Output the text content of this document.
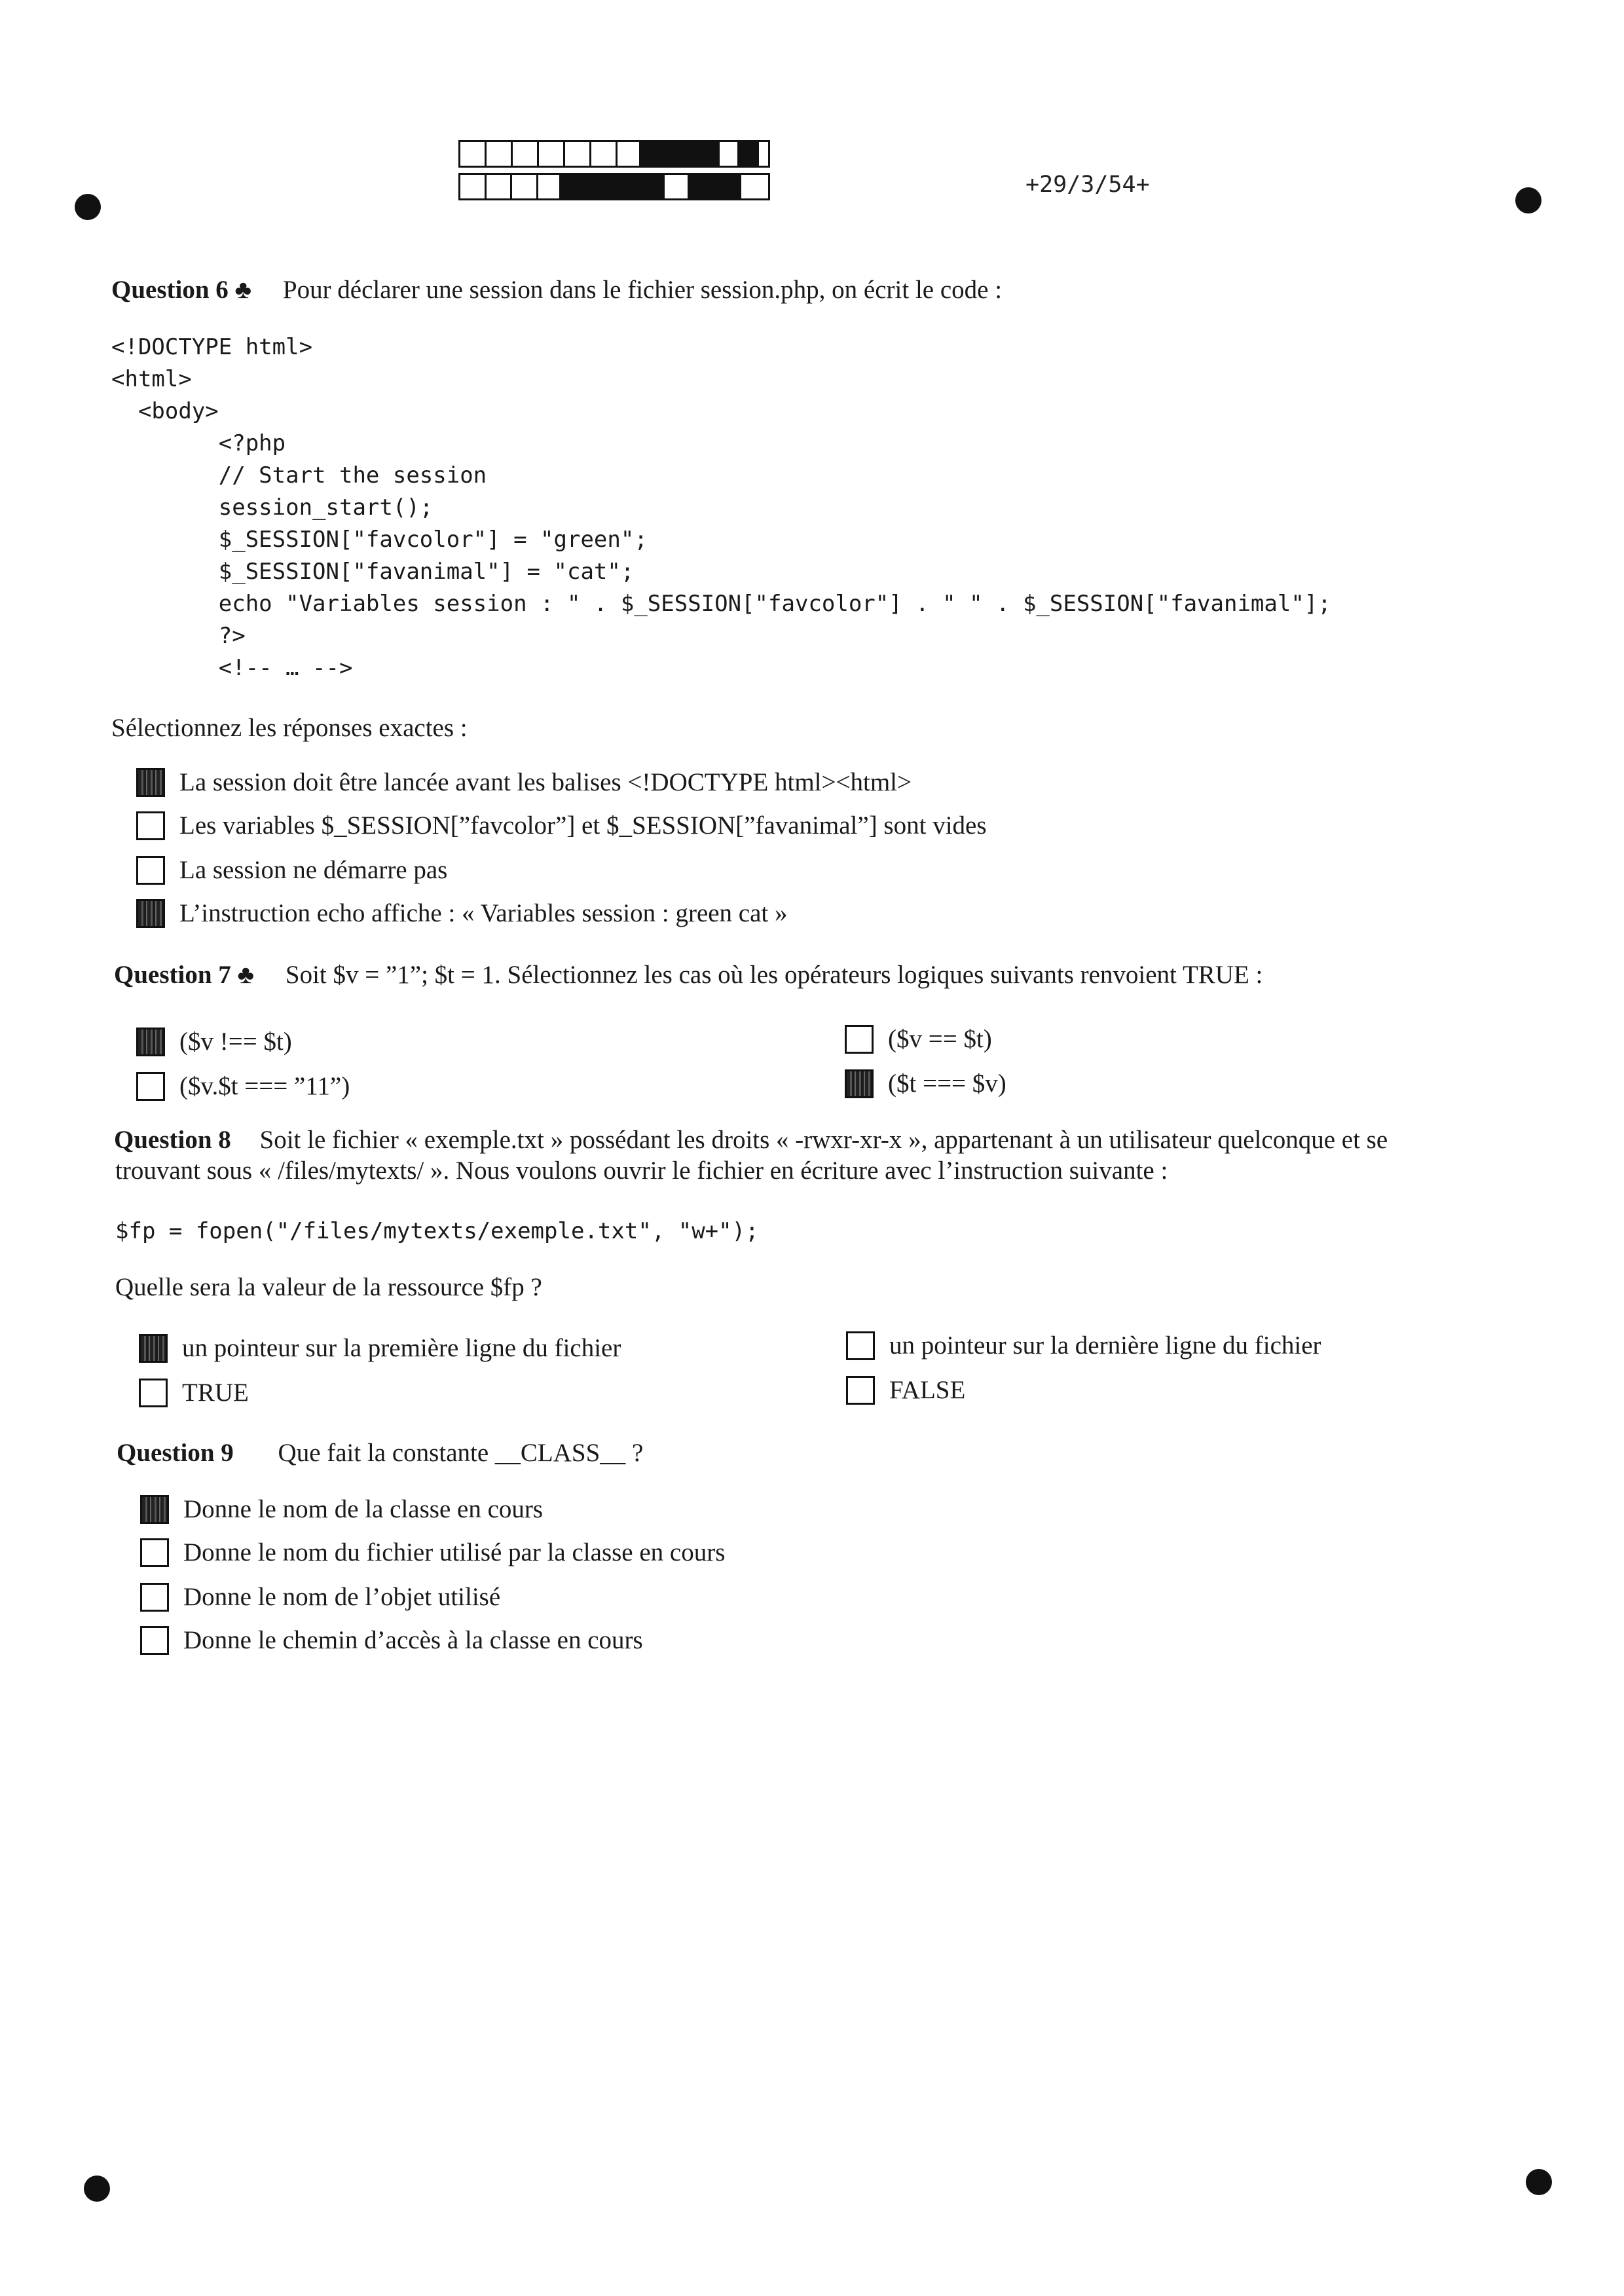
+29/3/54+
Question 6 ♣ Pour déclarer une session dans le fichier session.php, on écrit le code :
<!DOCTYPE html>
<html>
<body>
<?php
// Start the session
session_start();
$_SESSION["favcolor"] = "green";
$_SESSION["favanimal"] = "cat";
echo "Variables session : " . $_SESSION["favcolor"] . " " . $_SESSION["favanimal"];
?>
<!-- … -->
Sélectionnez les réponses exactes :
La session doit être lancée avant les balises <!DOCTYPE html><html>
Les variables $_SESSION[”favcolor”] et $_SESSION[”favanimal”] sont vides
La session ne démarre pas
L’instruction echo affiche : « Variables session : green cat »
Question 7 ♣ Soit $v = ”1”; $t = 1. Sélectionnez les cas où les opérateurs logiques suivants renvoient TRUE :
($v !== $t)	($v == $t)
($v.$t === ”11”)	($t === $v)
Question 8 Soit le fichier « exemple.txt » possédant les droits « -rwxr-xr-x », appartenant à un utilisateur quelconque et se
trouvant sous « /files/mytexts/ ». Nous voulons ouvrir le fichier en écriture avec l’instruction suivante :
$fp = fopen("/files/mytexts/exemple.txt", "w+");
Quelle sera la valeur de la ressource $fp ?
un pointeur sur la première ligne du fichier	un pointeur sur la dernière ligne du fichier
TRUE	FALSE
Question 9 Que fait la constante __CLASS__ ?
Donne le nom de la classe en cours
Donne le nom du fichier utilisé par la classe en cours
Donne le nom de l’objet utilisé
Donne le chemin d’accès à la classe en cours
